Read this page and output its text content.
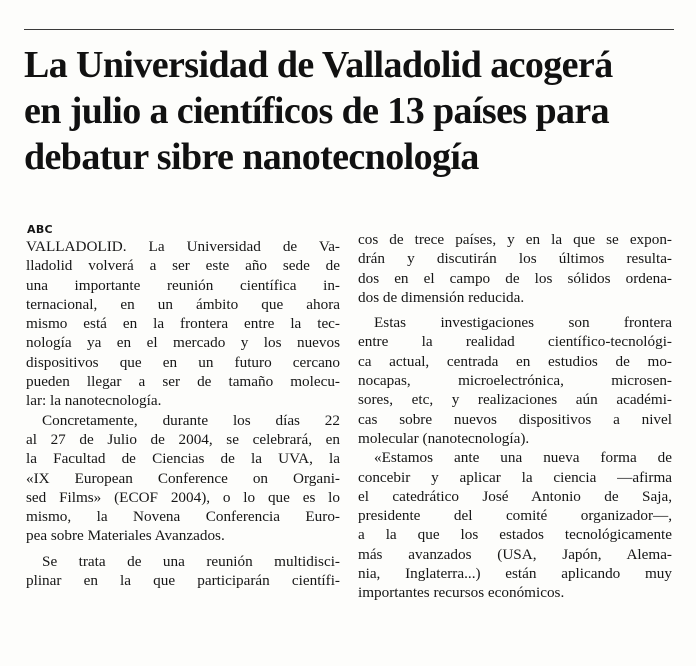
La Universidad de Valladolid acogerá
en julio a científicos de 13 países para
debatur sibre nanotecnología
ABC
VALLADOLID. La Universidad de Va-
lladolid volverá a ser este año sede de
una importante reunión científica in-
ternacional, en un ámbito que ahora
mismo está en la frontera entre la tec-
nología ya en el mercado y los nuevos
dispositivos que en un futuro cercano
pueden llegar a ser de tamaño molecu-
lar: la nanotecnología.
Concretamente, durante los días 22
al 27 de Julio de 2004, se celebrará, en
la Facultad de Ciencias de la UVA, la
«IX European Conference on Organi-
sed Films» (ECOF 2004), o lo que es lo
mismo, la Novena Conferencia Euro-
pea sobre Materiales Avanzados.
Se trata de una reunión multidisci-
plinar en la que participarán científi-
cos de trece países, y en la que se expon-
drán y discutirán los últimos resulta-
dos en el campo de los sólidos ordena-
dos de dimensión reducida.
Estas investigaciones son frontera
entre la realidad científico-tecnológi-
ca actual, centrada en estudios de mo-
nocapas, microelectrónica, microsen-
sores, etc, y realizaciones aún académi-
cas sobre nuevos dispositivos a nivel
molecular (nanotecnología).
«Estamos ante una nueva forma de
concebir y aplicar la ciencia —afirma
el catedrático José Antonio de Saja,
presidente del comité organizador—,
a la que los estados tecnológicamente
más avanzados (USA, Japón, Alema-
nia, Inglaterra...) están aplicando muy
importantes recursos económicos.
